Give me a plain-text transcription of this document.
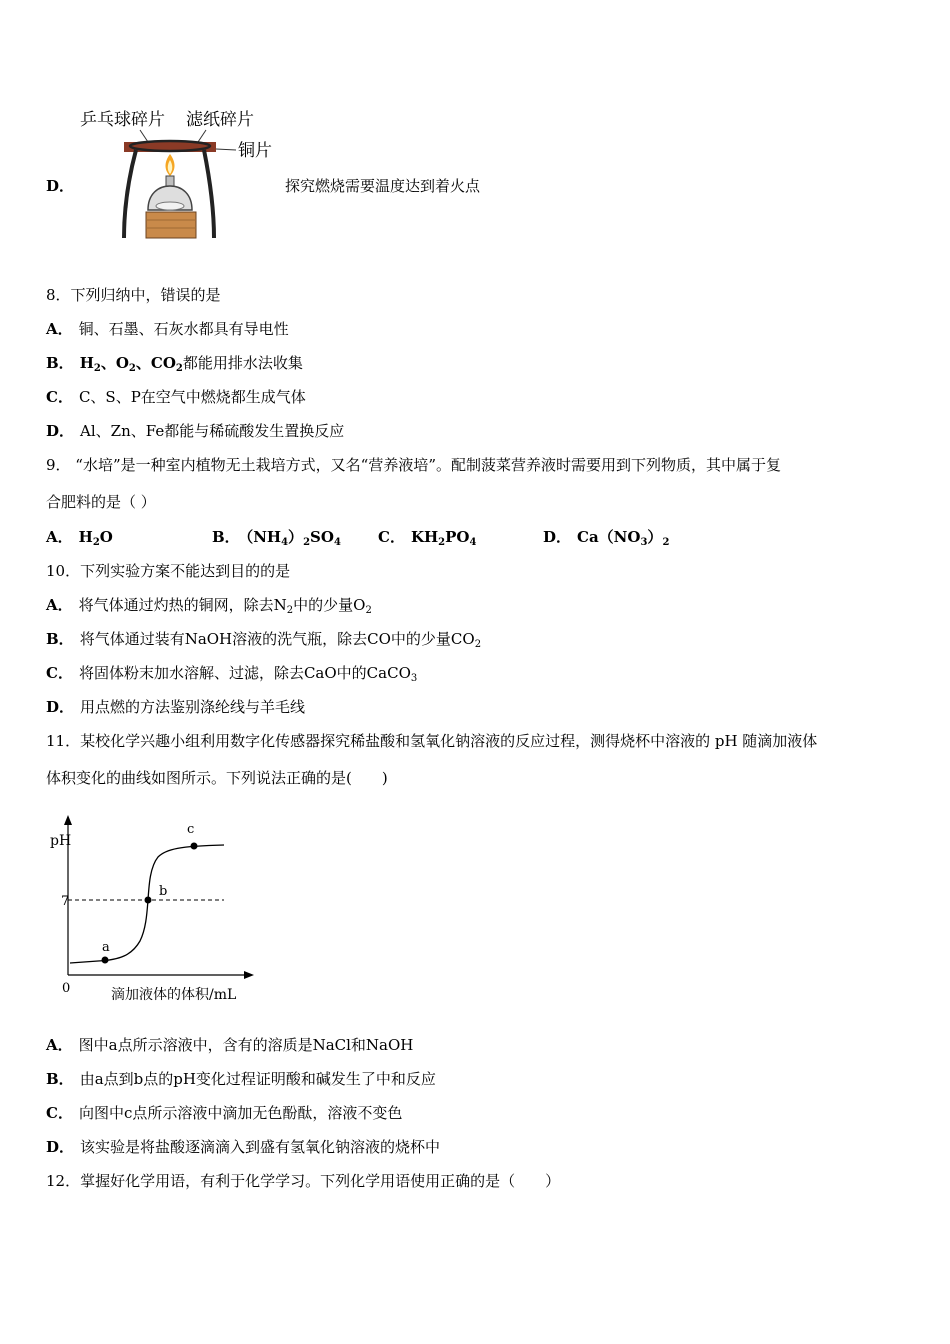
D．
乒乓球碎片 滤纸碎片
铜片
探究燃烧需要温度达到着火点
8．下列归纳中，错误的是
A． 铜、石墨、石灰水都具有导电性
B． $H_2$、$O_2$、$CO_2$都能用排水法收集
C． C、S、P在空气中燃烧都生成气体
D． Al、Zn、Fe都能与稀硫酸发生置换反应
9． “水培”是一种室内植物无土栽培方式，又名“营养液培”。配制菠菜营养液时需要用到下列物质，其中属于复
合肥料的是（ ）
A． $H_2O$	B． $(NH_4)_2SO_4$ C． $KH_2PO_4$	D． $Ca(NO_3)_2$
10．下列实验方案不能达到目的的是
A． 将气体通过灼热的铜网，除去$N_2$中的少量$O_2$
B． 将气体通过装有NaOH溶液的洗气瓶，除去CO中的少量$CO_2$
C． 将固体粉末加水溶解、过滤，除去CaO中的CaCO$_3$
D． 用点燃的方法鉴别涤纶线与羊毛线
11．某校化学兴趣小组利用数字化传感器探究稀盐酸和氢氧化钠溶液的反应过程，测得烧杯中溶液的 pH 随滴加液体
体积变化的曲线如图所示。下列说法正确的是(　　)
pH
0	滴加液体的体积/mL
7
a
b
c
A． 图中a点所示溶液中，含有的溶质是NaCl和NaOH
B． 由a点到b点的pH变化过程证明酸和碱发生了中和反应
C． 向图中c点所示溶液中滴加无色酚酞，溶液不变色
D． 该实验是将盐酸逐滴滴入到盛有氢氧化钠溶液的烧杯中
12．掌握好化学用语，有利于化学学习。下列化学用语使用正确的是（　　）
